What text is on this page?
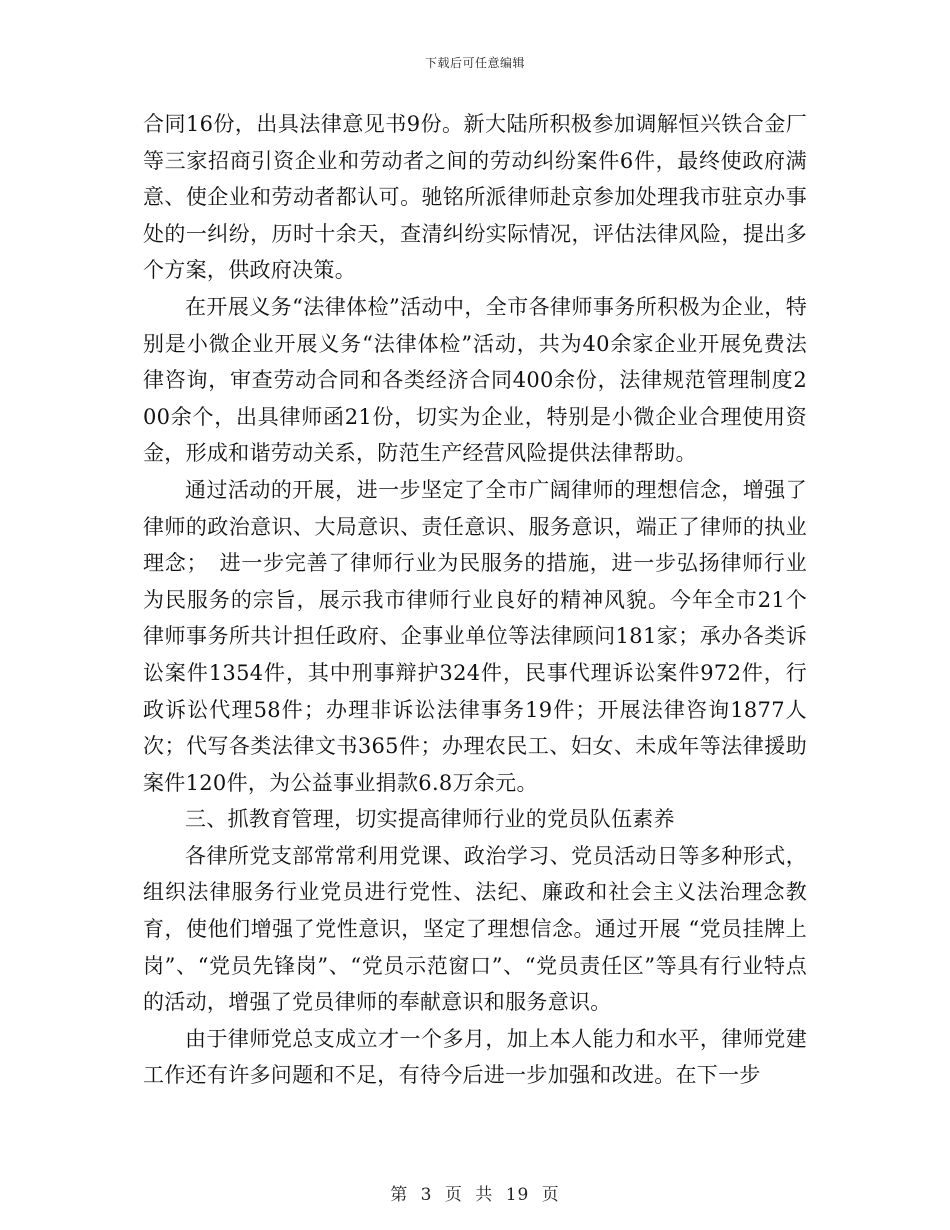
下载后可任意编辑

合同16份，出具法律意见书9份。新大陆所积极参加调解恒兴铁合金厂等三家招商引资企业和劳动者之间的劳动纠纷案件6件，最终使政府满意、使企业和劳动者都认可。驰铭所派律师赴京参加处理我市驻京办事处的一纠纷，历时十余天，查清纠纷实际情况，评估法律风险，提出多个方案，供政府决策。

在开展义务“法律体检”活动中，全市各律师事务所积极为企业，特别是小微企业开展义务“法律体检”活动，共为40余家企业开展免费法律咨询，审查劳动合同和各类经济合同400余份，法律规范管理制度200余个，出具律师函21份，切实为企业，特别是小微企业合理使用资金，形成和谐劳动关系，防范生产经营风险提供法律帮助。

通过活动的开展，进一步坚定了全市广阔律师的理想信念，增强了律师的政治意识、大局意识、责任意识、服务意识，端正了律师的执业理念；　进一步完善了律师行业为民服务的措施，进一步弘扬律师行业为民服务的宗旨，展示我市律师行业良好的精神风貌。今年全市21个律师事务所共计担任政府、企事业单位等法律顾问181家；承办各类诉讼案件1354件，其中刑事辩护324件，民事代理诉讼案件972件，行政诉讼代理58件；办理非诉讼法律事务19件；开展法律咨询1877人次；代写各类法律文书365件；办理农民工、妇女、未成年等法律援助案件120件，为公益事业捐款6.8万余元。

三、抓教育管理，切实提高律师行业的党员队伍素养

各律所党支部常常利用党课、政治学习、党员活动日等多种形式，组织法律服务行业党员进行党性、法纪、廉政和社会主义法治理念教育，使他们增强了党性意识，坚定了理想信念。通过开展 “党员挂牌上岗”、“党员先锋岗”、“党员示范窗口”、“党员责任区”等具有行业特点的活动，增强了党员律师的奉献意识和服务意识。

由于律师党总支成立才一个多月，加上本人能力和水平，律师党建工作还有许多问题和不足，有待今后进一步加强和改进。在下一步

第 3 页 共 19 页
